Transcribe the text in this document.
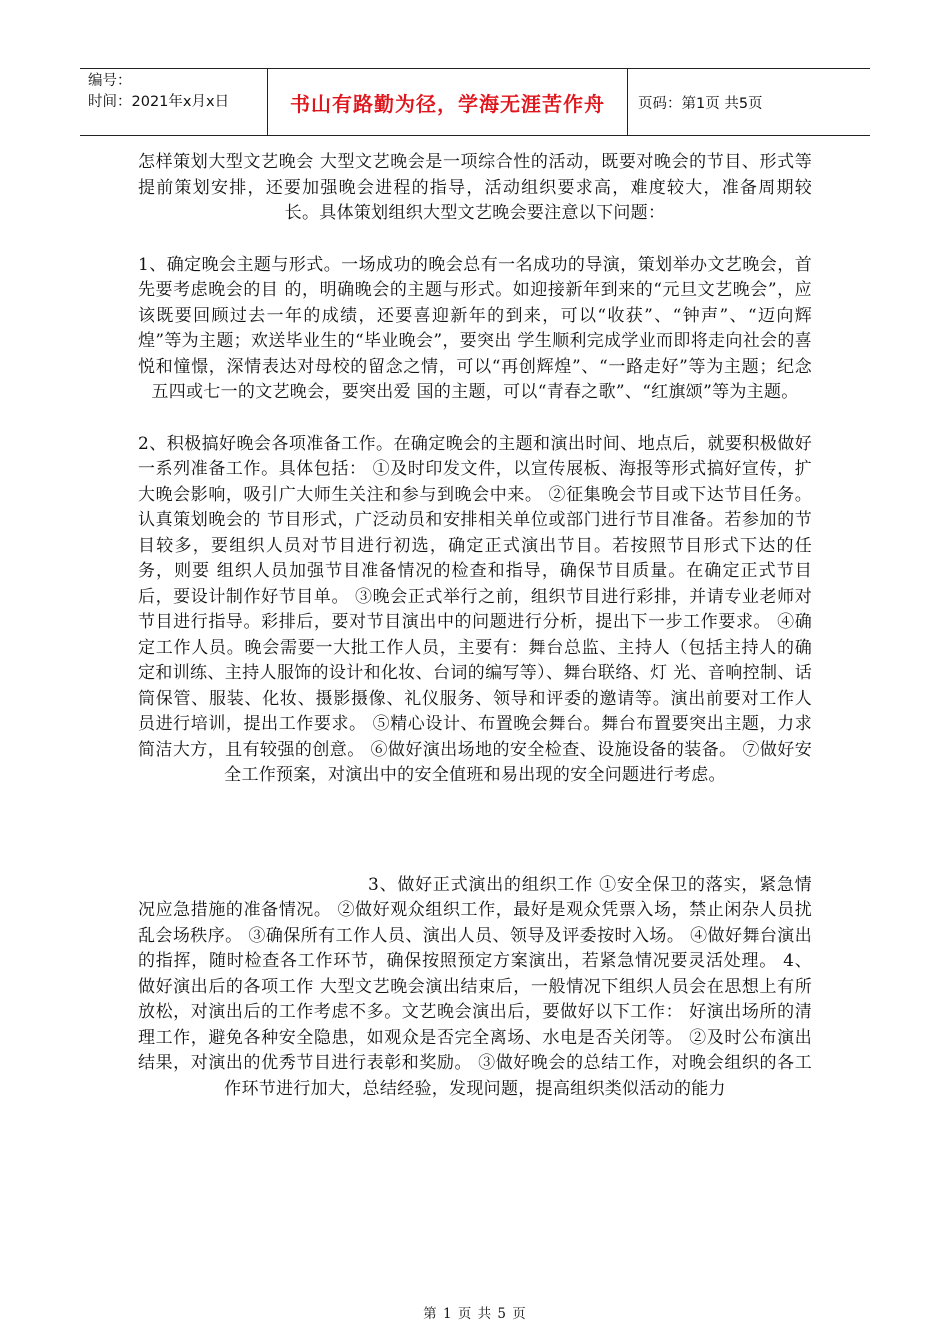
编号：
时间：2021年x月x日	书山有路勤为径，学海无涯苦作舟	页码：第1页 共5页

怎样策划大型文艺晚会 大型文艺晚会是一项综合性的活动，既要对晚会的节目、形式等提前策划安排，还要加强晚会进程的指导，活动组织要求高，难度较大，准备周期较长。具体策划组织大型文艺晚会要注意以下问题：

1、确定晚会主题与形式。一场成功的晚会总有一名成功的导演，策划举办文艺晚会，首先要考虑晚会的目 的，明确晚会的主题与形式。如迎接新年到来的“元旦文艺晚会”，应该既要回顾过去一年的成绩，还要喜迎新年的到来，可以“收获”、“钟声”、“迈向辉煌”等为主题；欢送毕业生的“毕业晚会”，要突出 学生顺利完成学业而即将走向社会的喜悦和憧憬，深情表达对母校的留念之情，可以“再创辉煌”、“一路走好”等为主题；纪念五四或七一的文艺晚会，要突出爱 国的主题，可以“青春之歌”、“红旗颂”等为主题。

2、积极搞好晚会各项准备工作。在确定晚会的主题和演出时间、地点后，就要积极做好一系列准备工作。具体包括： ①及时印发文件，以宣传展板、海报等形式搞好宣传，扩大晚会影响，吸引广大师生关注和参与到晚会中来。 ②征集晚会节目或下达节目任务。认真策划晚会的 节目形式，广泛动员和安排相关单位或部门进行节目准备。若参加的节目较多，要组织人员对节目进行初选，确定正式演出节目。若按照节目形式下达的任务，则要 组织人员加强节目准备情况的检查和指导，确保节目质量。在确定正式节目后，要设计制作好节目单。 ③晚会正式举行之前，组织节目进行彩排，并请专业老师对节目进行指导。彩排后，要对节目演出中的问题进行分析，提出下一步工作要求。 ④确定工作人员。晚会需要一大批工作人员，主要有：舞台总监、主持人（包括主持人的确定和训练、主持人服饰的设计和化妆、台词的编写等）、舞台联络、灯 光、音响控制、话筒保管、服装、化妆、摄影摄像、礼仪服务、领导和评委的邀请等。演出前要对工作人员进行培训，提出工作要求。 ⑤精心设计、布置晚会舞台。舞台布置要突出主题，力求简洁大方，且有较强的创意。 ⑥做好演出场地的安全检查、设施设备的装备。 ⑦做好安全工作预案，对演出中的安全值班和易出现的安全问题进行考虑。

3、做好正式演出的组织工作 ①安全保卫的落实，紧急情况应急措施的准备情况。 ②做好观众组织工作，最好是观众凭票入场，禁止闲杂人员扰乱会场秩序。 ③确保所有工作人员、演出人员、领导及评委按时入场。 ④做好舞台演出的指挥，随时检查各工作环节，确保按照预定方案演出，若紧急情况要灵活处理。 4、做好演出后的各项工作 大型文艺晚会演出结束后，一般情况下组织人员会在思想上有所放松，对演出后的工作考虑不多。文艺晚会演出后，要做好以下工作： 好演出场所的清理工作，避免各种安全隐患，如观众是否完全离场、水电是否关闭等。 ②及时公布演出结果，对演出的优秀节目进行表彰和奖励。 ③做好晚会的总结工作，对晚会组织的各工作环节进行加大，总结经验，发现问题，提高组织类似活动的能力

第 1 页 共 5 页
